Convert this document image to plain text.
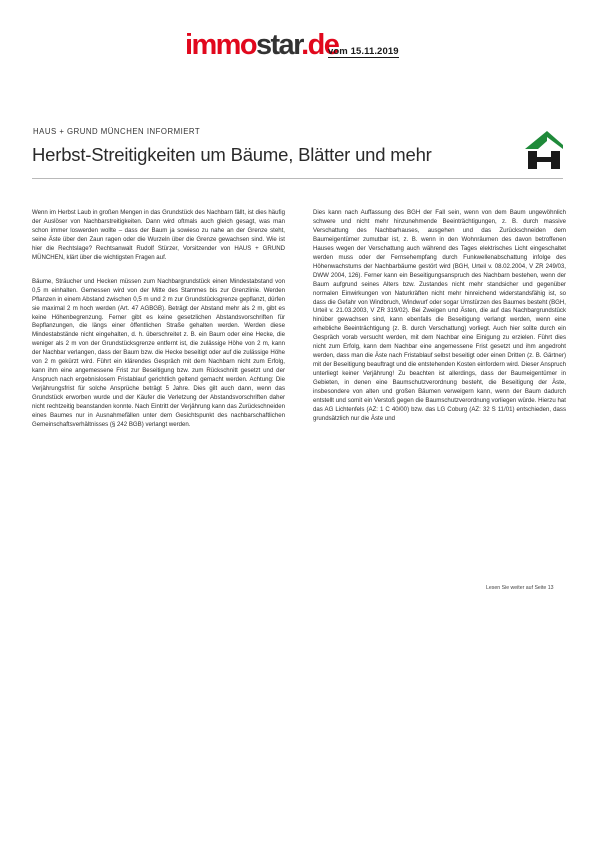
immostar.de
vom 15.11.2019
HAUS + GRUND MÜNCHEN INFORMIERT
Herbst-Streitigkeiten um Bäume, Blätter und mehr

Wenn im Herbst Laub in großen Mengen in das Grundstück des Nachbarn fällt, ist dies häufig der Auslöser von Nachbarstreitigkeiten. Dann wird oftmals auch gleich gesagt, was man schon immer loswerden wollte – dass der Baum ja sowieso zu nahe an der Grenze steht, seine Äste über den Zaun ragen oder die Wurzeln über die Grenze gewachsen sind. Wie ist hier die Rechtslage? Rechtsanwalt Rudolf Stürzer, Vorsitzender von HAUS + GRUND MÜNCHEN, klärt über die wichtigsten Fragen auf.

Bäume, Sträucher und Hecken müssen zum Nachbargrundstück einen Mindestabstand von 0,5 m einhalten. Gemessen wird von der Mitte des Stammes bis zur Grenzlinie. Werden Pflanzen in einem Abstand zwischen 0,5 m und 2 m zur Grundstücksgrenze gepflanzt, dürfen sie maximal 2 m hoch werden (Art. 47 AGBGB). Beträgt der Abstand mehr als 2 m, gibt es keine Höhenbegrenzung. Ferner gibt es keine gesetzlichen Abstandsvorschriften für Bepflanzungen, die längs einer öffentlichen Straße gehalten werden. Werden diese Mindestabstände nicht eingehalten, d. h. überschreitet z. B. ein Baum oder eine Hecke, die weniger als 2 m von der Grundstücksgrenze entfernt ist, die zulässige Höhe von 2 m, kann der Nachbar verlangen, dass der Baum bzw. die Hecke beseitigt oder auf die zulässige Höhe von 2 m gekürzt wird. Führt ein klärendes Gespräch mit dem Nachbarn nicht zum Erfolg, kann ihm eine angemessene Frist zur Beseitigung bzw. zum Rückschnitt gesetzt und der Anspruch nach ergebnislosem Fristablauf gerichtlich geltend gemacht werden. Achtung: Die Verjährungsfrist für solche Ansprüche beträgt 5 Jahre. Dies gilt auch dann, wenn das Grundstück erworben wurde und der Käufer die Verletzung der Abstandsvorschriften daher nicht rechtzeitig beanstanden konnte. Nach Eintritt der Verjährung kann das Zurückschneiden eines Baumes nur in Ausnahmefällen unter dem Gesichtspunkt des nachbarschaftlichen Gemeinschaftsverhältnisses (§ 242 BGB) verlangt werden.

Dies kann nach Auffassung des BGH der Fall sein, wenn von dem Baum ungewöhnlich schwere und nicht mehr hinzunehmende Beeinträchtigungen, z. B. durch massive Verschattung des Nachbarhauses, ausgehen und das Zurückschneiden dem Baumeigentümer zumutbar ist, z. B. wenn in den Wohnräumen des davon betroffenen Hauses wegen der Verschattung auch während des Tages elektrisches Licht eingeschaltet werden muss oder der Fernsehempfang durch Funkwellenabschattung infolge des Höhenwachstums der Nachbarbäume gestört wird (BGH, Urteil v. 08.02.2004, V ZR 249/03, DWW 2004, 126). Ferner kann ein Beseitigungsanspruch des Nachbarn bestehen, wenn der Baum aufgrund seines Alters bzw. Zustandes nicht mehr standsicher und gegenüber normalen Einwirkungen von Naturkräften nicht mehr hinreichend widerstandsfähig ist, so dass die Gefahr von Windbruch, Windwurf oder sogar Umstürzen des Baumes besteht (BGH, Urteil v. 21.03.2003, V ZR 319/02). Bei Zweigen und Ästen, die auf das Nachbargrundstück hinüber gewachsen sind, kann ebenfalls die Beseitigung verlangt werden, wenn eine erhebliche Beeinträchtigung (z. B. durch Verschattung) vorliegt. Auch hier sollte durch ein Gespräch vorab versucht werden, mit dem Nachbar eine Einigung zu erzielen. Führt dies nicht zum Erfolg, kann dem Nachbar eine angemessene Frist gesetzt und ihm angedroht werden, dass man die Äste nach Fristablauf selbst beseitigt oder einen Dritten (z. B. Gärtner) mit der Beseitigung beauftragt und die entstehenden Kosten einfordern wird. Dieser Anspruch unterliegt keiner Verjährung! Zu beachten ist allerdings, dass der Baumeigentümer in Gebieten, in denen eine Baumschutzverordnung besteht, die Beseitigung der Äste, insbesondere von alten und großen Bäumen verweigern kann, wenn der Baum dadurch entstellt und somit ein Verstoß gegen die Baumschutzverordnung vorliegen würde. Hierzu hat das AG Lichtenfels (AZ: 1 C 40/00) bzw. das LG Coburg (AZ: 32 S 11/01) entschieden, dass grundsätzlich nur die Äste und

Lesen Sie weiter auf Seite 13
